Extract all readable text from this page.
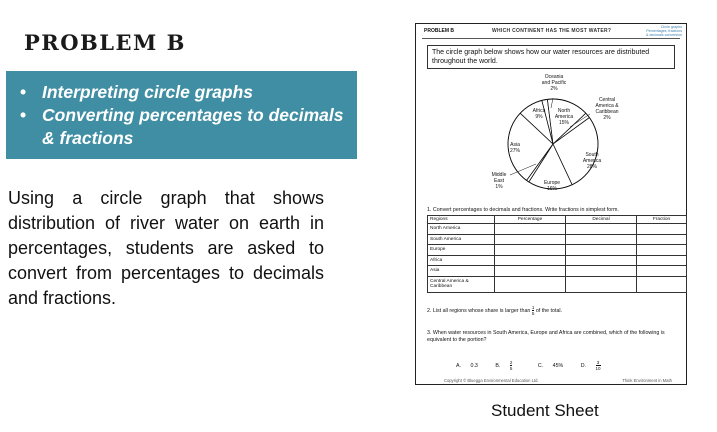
PROBLEM B
• Interpreting circle graphs
• Converting percentages to decimals & fractions
Using a circle graph that shows distribution of river water on earth in percentages, students are asked to convert from percentages to decimals and fractions.
PROBLEM B	WHICH CONTINENT HAS THE MOST WATER?
Circle graphs
Percentages, fractions
& decimals conversion
The circle graph below shows how our water resources are distributed throughout the world.
Oceania
and Pacific
2%
Africa
9%
North
America
15%
Central
America &
Caribbean
2%
Asia
27%
South
America
28%
Middle
East
1%
Europe
16%
1. Convert percentages to decimals and fractions. Write fractions in simplest form.
Regions	Percentage	Decimal	Fraction
North America			
South America			
Europe			
Africa			
Asia			
Central America & Caribbean			
2. List all regions whose share is larger than $\frac{1}{5}$ of the total.
3. When water resources in South America, Europe and Africa are combined, which of the following is equivalent to the portion?
A. 0.3	B. $\frac{2}{5}$	C. 45%	D. $\frac{3}{10}$
Copyright © Bluegga Environmental Education Ltd.	Think Environment in Math
Student Sheet
